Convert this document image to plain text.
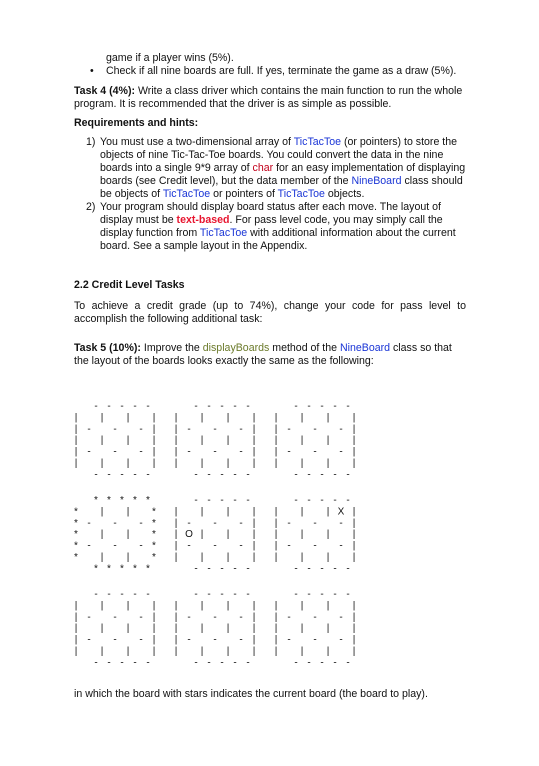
game if a player wins (5%).

• Check if all nine boards are full. If yes, terminate the game as a draw (5%).

Task 4 (4%): Write a class driver which contains the main function to run the whole program. It is recommended that the driver is as simple as possible.

Requirements and hints:

1) You must use a two-dimensional array of TicTacToe (or pointers) to store the objects of nine Tic-Tac-Toe boards. You could convert the data in the nine boards into a single 9*9 array of char for an easy implementation of displaying boards (see Credit level), but the data member of the NineBoard class should be objects of TicTacToe or pointers of TicTacToe objects.

2) Your program should display board status after each move. The layout of display must be text-based. For pass level code, you may simply call the display function from TicTacToe with additional information about the current board. See a sample layout in the Appendix.

2.2 Credit Level Tasks

To achieve a credit grade (up to 74%), change your code for pass level to accomplish the following additional task:

Task 5 (10%): Improve the displayBoards method of the NineBoard class so that the layout of the boards looks exactly the same as the following:

- - - - -
| | | |
| - - - |
| | | |
| - - - |
| | | |
- - - - -
- - - - -
| | | |
| - - - |
| | | |
| - - - |
| | | |
- - - - -
- - - - -
| | | |
| - - - |
| | | |
| - - - |
| | | |
- - - - -
* * * * *
* | | *
* - - - *
* | | *
* - - - *
* | | *
* * * * *
- - - - -
| | | |
| - - - |
| | | |
| - - - |
| | | |
- - - - -
- - - - -
| | | |
| - - - |
| | | |
| - - - |
| | | |
- - - - -
- - - - -
| | | |
| - - - |
| | | |
| - - - |
| | | |
- - - - -
- - - - -
| | | |
| - - - |
| | | |
| - - - |
| | | |
- - - - -
- - - - -
| | | |
| - - - |
| | | |
| - - - |
| | | |
- - - - -
O
X

in which the board with stars indicates the current board (the board to play).
